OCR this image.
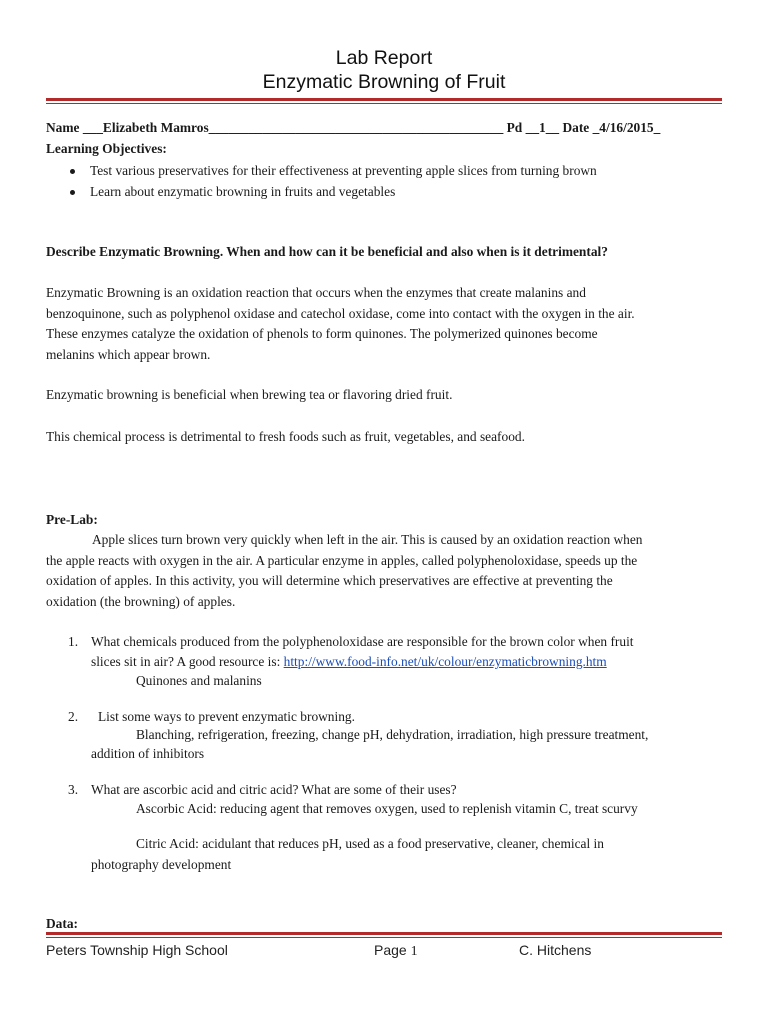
Lab Report
Enzymatic Browning of Fruit
Name ___Elizabeth Mamros____________________________________________ Pd __1__ Date _4/16/2015_
Learning Objectives:
Test various preservatives for their effectiveness at preventing apple slices from turning brown
Learn about enzymatic browning in fruits and vegetables
Describe Enzymatic Browning. When and how can it be beneficial and also when is it detrimental?

Enzymatic Browning is an oxidation reaction that occurs when the enzymes that create malanins and

benzoquinone, such as polyphenol oxidase and catechol oxidase, come into contact with the oxygen in the air.

These enzymes catalyze the oxidation of phenols to form quinones. The polymerized quinones become

melanins which appear brown.

Enzymatic browning is beneficial when brewing tea or flavoring dried fruit.
This chemical process is detrimental to fresh foods such as fruit, vegetables, and seafood.
Pre-Lab:

Apple slices turn brown very quickly when left in the air. This is caused by an oxidation reaction when

the apple reacts with oxygen in the air. A particular enzyme in apples, called polyphenoloxidase, speeds up the

oxidation of apples. In this activity, you will determine which preservatives are effective at preventing the

oxidation (the browning) of apples.

1. What chemicals produced from the polyphenoloxidase are responsible for the brown color when fruit
slices sit in air? A good resource is: http://www.food-info.net/uk/colour/enzymaticbrowning.htm
Quinones and malanins
2. List some ways to prevent enzymatic browning.
Blanching, refrigeration, freezing, change pH, dehydration, irradiation, high pressure treatment,
addition of inhibitors
3. What are ascorbic acid and citric acid? What are some of their uses?
Ascorbic Acid: reducing agent that removes oxygen, used to replenish vitamin C, treat scurvy
Citric Acid: acidulant that reduces pH, used as a food preservative, cleaner, chemical in
photography development
Data:
Peters Township High School	Page 1	C. Hitchens
